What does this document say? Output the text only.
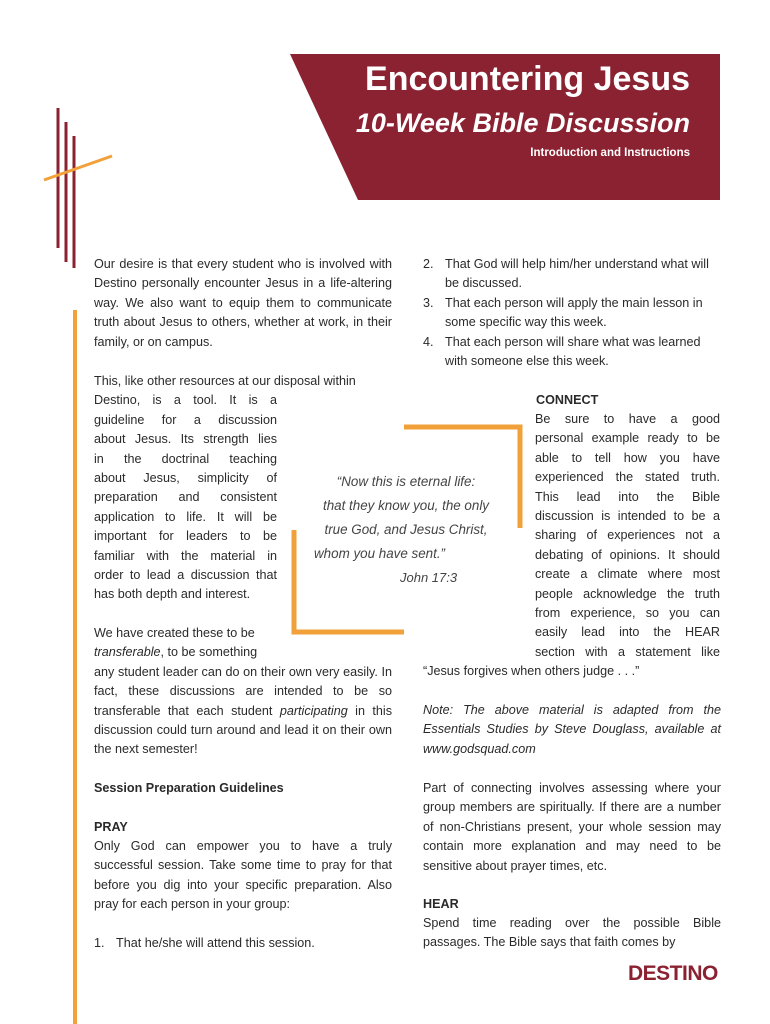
Encountering Jesus
10-Week Bible Discussion
Introduction and Instructions

Our desire is that every student who is involved with Destino personally encounter Jesus in a life-altering way. We also want to equip them to communicate truth about Jesus to others, whether at work, in their family, or on campus.

This, like other resources at our disposal within
Destino, is a tool. It is a
guideline for a discussion
about Jesus. Its strength lies
in the doctrinal teaching
about Jesus, simplicity of
preparation and consistent
application to life. It will be
important for leaders to be
familiar with the material in
order to lead a discussion that
has both depth and interest.
We have created these to be
transferable, to be something
any student leader can do on their own very easily. In fact, these discussions are intended to be so transferable that each student participating in this discussion could turn around and lead it on their own the next semester!
Session Preparation Guidelines
PRAY
Only God can empower you to have a truly successful session. Take some time to pray for that before you dig into your specific preparation. Also pray for each person in your group:
1. That he/she will attend this session.
2. That God will help him/her understand what will be discussed.
3. That each person will apply the main lesson in some specific way this week.
4. That each person will share what was learned with someone else this week.
“Now this is eternal life:
that they know you, the only
true God, and Jesus Christ,
whom you have sent.”
John 17:3
CONNECT
Be sure to have a good
personal example ready to be
able to tell how you have
experienced the stated truth.
This lead into the Bible
discussion is intended to be a
sharing of experiences not a
debating of opinions. It should
create a climate where most
people acknowledge the truth
from experience, so you can
easily lead into the HEAR
section with a statement like
“Jesus forgives when others judge . . .”
Note: The above material is adapted from the Essentials Studies by Steve Douglass, available at www.godsquad.com
Part of connecting involves assessing where your group members are spiritually. If there are a number of non-Christians present, your whole session may contain more explanation and may need to be sensitive about prayer times, etc.
HEAR
Spend time reading over the possible Bible passages. The Bible says that faith comes by
DESTINO
